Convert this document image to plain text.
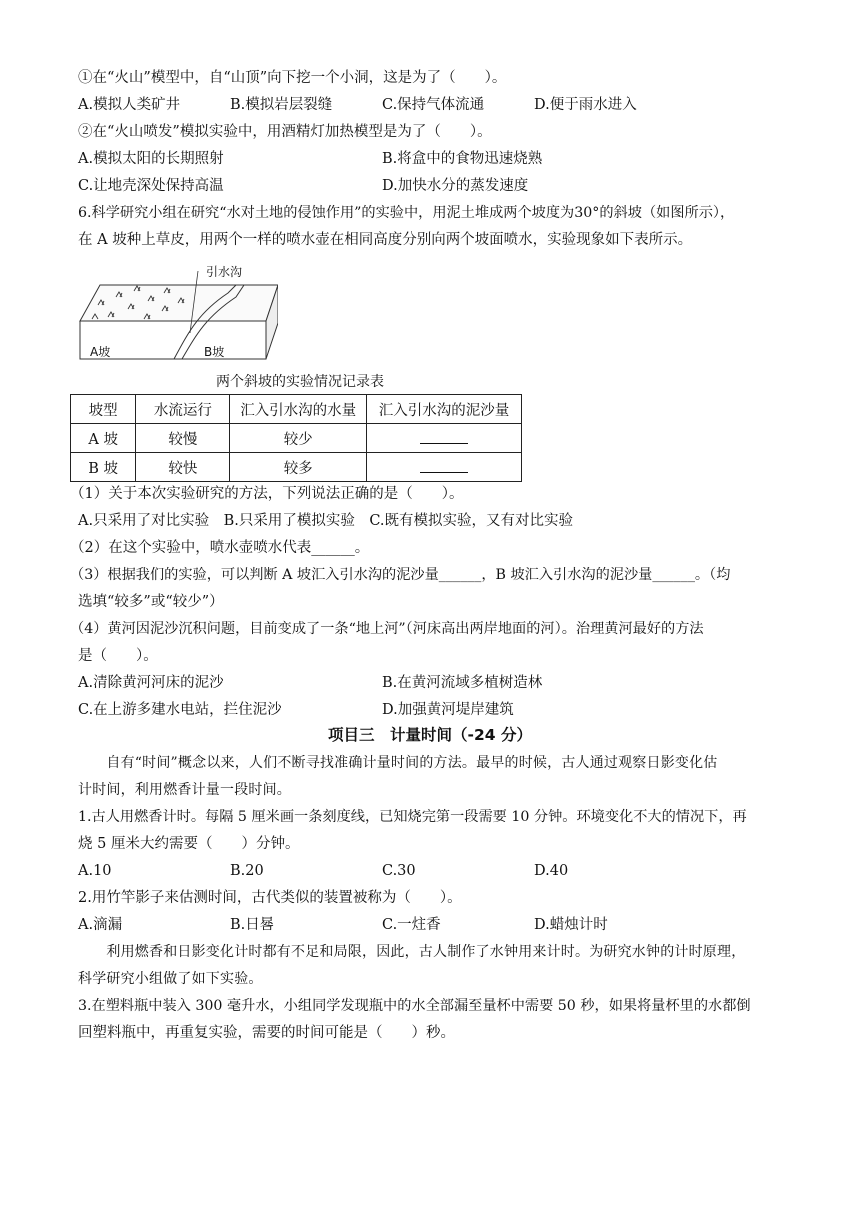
①在“火山”模型中，自“山顶”向下挖一个小洞，这是为了（　　）。
A.模拟人类矿井	B.模拟岩层裂缝	C.保持气体流通	D.便于雨水进入
②在“火山喷发”模拟实验中，用酒精灯加热模型是为了（　　）。
A.模拟太阳的长期照射	B.将盒中的食物迅速烧熟
C.让地壳深处保持高温	D.加快水分的蒸发速度
6.科学研究小组在研究“水对土地的侵蚀作用”的实验中，用泥土堆成两个坡度为30°的斜坡（如图所示），
在 A 坡种上草皮，用两个一样的喷水壶在相同高度分别向两个坡面喷水，实验现象如下表所示。
引水沟
A坡	B坡
两个斜坡的实验情况记录表
坡型	水流运行	汇入引水沟的水量	汇入引水沟的泥沙量
A 坡	较慢	较少	
B 坡	较快	较多	
（1）关于本次实验研究的方法，下列说法正确的是（　　）。
A.只采用了对比实验　B.只采用了模拟实验　C.既有模拟实验，又有对比实验
（2）在这个实验中，喷水壶喷水代表______。
（3）根据我们的实验，可以判断 A 坡汇入引水沟的泥沙量______，B 坡汇入引水沟的泥沙量______。（均
选填“较多”或“较少”）
（4）黄河因泥沙沉积问题，目前变成了一条“地上河”（河床高出两岸地面的河）。治理黄河最好的方法
是（　　）。
A.清除黄河河床的泥沙	B.在黄河流域多植树造林
C.在上游多建水电站，拦住泥沙	D.加强黄河堤岸建筑
项目三　计量时间（-24 分）
　　自有“时间”概念以来，人们不断寻找准确计量时间的方法。最早的时候，古人通过观察日影变化估
计时间，利用燃香计量一段时间。
1.古人用燃香计时。每隔 5 厘米画一条刻度线，已知烧完第一段需要 10 分钟。环境变化不大的情况下，再
烧 5 厘米大约需要（　　）分钟。
A.10	B.20	C.30	D.40
2.用竹竿影子来估测时间，古代类似的装置被称为（　　）。
A.滴漏	B.日晷	C.一炷香	D.蜡烛计时
　　利用燃香和日影变化计时都有不足和局限，因此，古人制作了水钟用来计时。为研究水钟的计时原理，
科学研究小组做了如下实验。
3.在塑料瓶中装入 300 毫升水，小组同学发现瓶中的水全部漏至量杯中需要 50 秒，如果将量杯里的水都倒
回塑料瓶中，再重复实验，需要的时间可能是（　　）秒。
